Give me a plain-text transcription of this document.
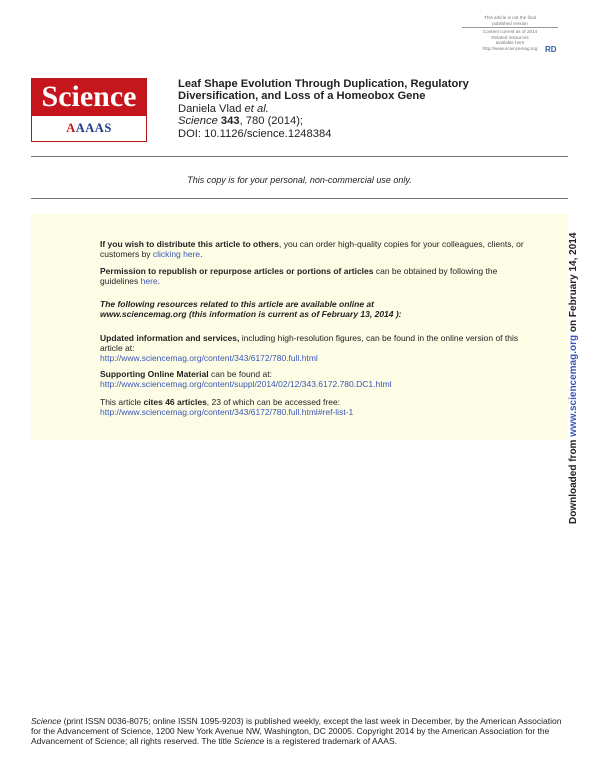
This article is not the final
published version
Content current as of 2014
Related resources
available here
http://www.sciencemag.org RD
Science
AAAAS
Leaf Shape Evolution Through Duplication, Regulatory
Diversification, and Loss of a Homeobox Gene
Daniela Vlad et al.
Science 343, 780 (2014);
DOI: 10.1126/science.1248384
This copy is for your personal, non-commercial use only.
If you wish to distribute this article to others, you can order high-quality copies for your colleagues, clients, or customers by clicking here.
Permission to republish or repurpose articles or portions of articles can be obtained by following the guidelines here.
The following resources related to this article are available online at
www.sciencemag.org (this information is current as of February 13, 2014 ):
Updated information and services, including high-resolution figures, can be found in the online version of this article at:
http://www.sciencemag.org/content/343/6172/780.full.html
Supporting Online Material can be found at:
http://www.sciencemag.org/content/suppl/2014/02/12/343.6172.780.DC1.html
This article cites 46 articles, 23 of which can be accessed free:
http://www.sciencemag.org/content/343/6172/780.full.html#ref-list-1
Downloaded from www.sciencemag.org on February 14, 2014
Science (print ISSN 0036-8075; online ISSN 1095-9203) is published weekly, except the last week in December, by the American Association for the Advancement of Science, 1200 New York Avenue NW, Washington, DC 20005. Copyright 2014 by the American Association for the Advancement of Science; all rights reserved. The title Science is a registered trademark of AAAS.
